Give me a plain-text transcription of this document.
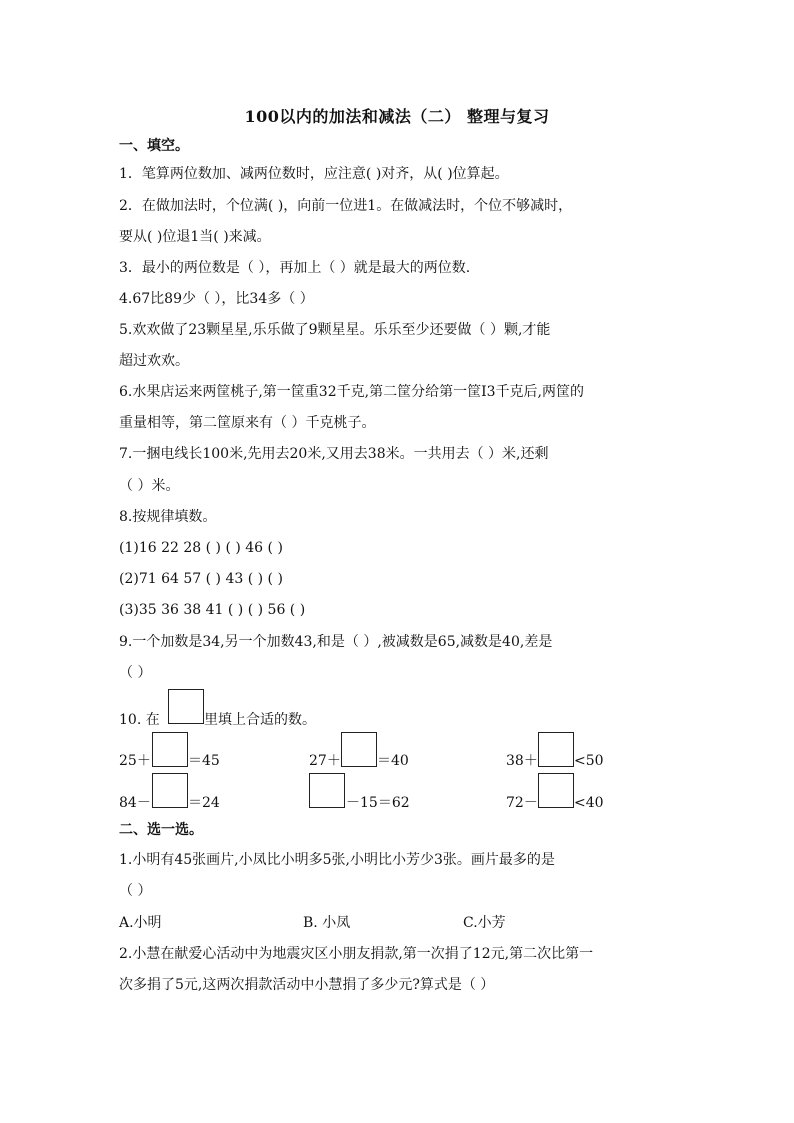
100以内的加法和减法（二） 整理与复习
一、填空。
1．笔算两位数加、减两位数时，应注意( )对齐，从( )位算起。
2．在做加法时，个位满( )，向前一位进1。在做减法时，个位不够减时，
要从( )位退1当( )来减。
3．最小的两位数是（ ），再加上（ ）就是最大的两位数.
4.67比89少（ ），比34多（ ）
5.欢欢做了23颗星星,乐乐做了9颗星星。乐乐至少还要做（ ）颗,才能
超过欢欢。
6.水果店运来两筐桃子,第一筐重32千克,第二筐分给第一筐I3千克后,两筐的
重量相等，第二筐原来有（ ）千克桃子。
7.一捆电线长100米,先用去20米,又用去38米。一共用去（ ）米,还剩
（ ）米。
8.按规律填数。
(1)16 22 28 ( ) ( ) 46 ( )
(2)71 64 57 ( ) 43 ( ) ( )
(3)35 36 38 41 ( ) ( ) 56 ( )
9.一个加数是34,另一个加数43,和是（ ）,被减数是65,减数是40,差是
（ ）
10. 在	里填上合适的数。
25＋	＝45	27＋	＝40	38＋	<50
84－	＝24	－15＝62	72－	<40
二、选一选。
1.小明有45张画片,小凤比小明多5张,小明比小芳少3张。画片最多的是
（ ）
A.小明	B. 小凤	C.小芳
2.小慧在献爱心活动中为地震灾区小朋友捐款,第一次捐了12元,第二次比第一
次多捐了5元,这两次捐款活动中小慧捐了多少元?算式是（ ）
